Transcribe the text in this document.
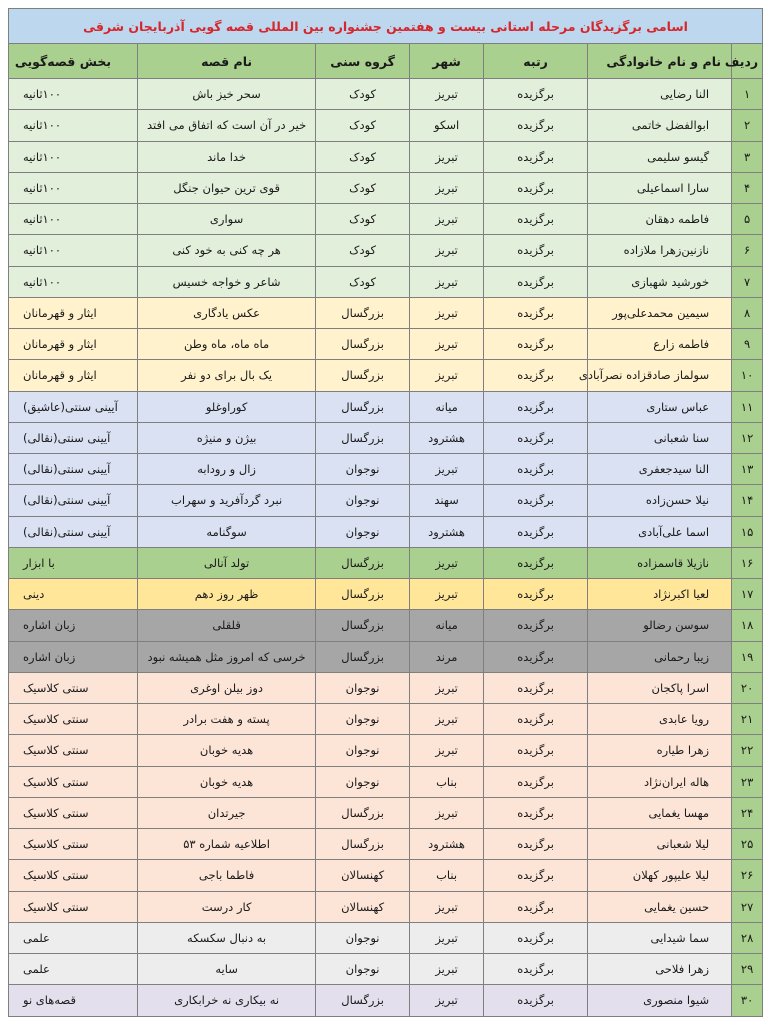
اسامی برگزیدگان مرحله استانی بیست و هفتمین جشنواره بین المللی قصه گویی آذربایجان شرقی						
ردیف	نام و نام خانوادگی	رتبه	شهر	گروه سنی	نام قصه	بخش قصه‌گویی
۱	النا رضایی	برگزیده	تبریز	کودک	سحر خیز باش	۱۰۰ثانیه
۲	ابوالفضل خاتمی	برگزیده	اسکو	کودک	خیر در آن است که اتفاق می افتد	۱۰۰ثانیه
۳	گیسو سلیمی	برگزیده	تبریز	کودک	خدا ماند	۱۰۰ثانیه
۴	سارا اسماعیلی	برگزیده	تبریز	کودک	قوی ترین حیوان جنگل	۱۰۰ثانیه
۵	فاطمه دهقان	برگزیده	تبریز	کودک	سواری	۱۰۰ثانیه
۶	نازنین‌زهرا ملازاده	برگزیده	تبریز	کودک	هر چه کنی به خود کنی	۱۰۰ثانیه
۷	خورشید شهبازی	برگزیده	تبریز	کودک	شاعر و خواجه خسیس	۱۰۰ثانیه
۸	سیمین محمدعلی‌پور	برگزیده	تبریز	بزرگسال	عکس یادگاری	ایثار و قهرمانان
۹	فاطمه زارع	برگزیده	تبریز	بزرگسال	ماه ماه، ماه وطن	ایثار و قهرمانان
۱۰	سولماز صادقزاده نصرآبادی	برگزیده	تبریز	بزرگسال	یک بال برای دو نفر	ایثار و قهرمانان
۱۱	عباس ستاری	برگزیده	میانه	بزرگسال	کوراوغلو	آیینی سنتی(عاشیق)
۱۲	سنا شعبانی	برگزیده	هشترود	بزرگسال	بیژن و منیژه	آیینی سنتی(نقالی)
۱۳	النا سیدجعفری	برگزیده	تبریز	نوجوان	زال و رودابه	آیینی سنتی(نقالی)
۱۴	نیلا حسن‌زاده	برگزیده	سهند	نوجوان	نبرد گردآفرید و سهراب	آیینی سنتی(نقالی)
۱۵	اسما علی‌آبادی	برگزیده	هشترود	نوجوان	سوگنامه	آیینی سنتی(نقالی)
۱۶	نازیلا قاسمزاده	برگزیده	تبریز	بزرگسال	تولد آنالی	با ابزار
۱۷	لعیا اکبرنژاد	برگزیده	تبریز	بزرگسال	ظهر روز دهم	دینی
۱۸	سوسن رضالو	برگزیده	میانه	بزرگسال	قلقلی	زبان اشاره
۱۹	زیبا رحمانی	برگزیده	مرند	بزرگسال	خرسی که امروز مثل همیشه نبود	زبان اشاره
۲۰	اسرا پاکجان	برگزیده	تبریز	نوجوان	دوز بیلن اوغری	سنتی کلاسیک
۲۱	رویا عابدی	برگزیده	تبریز	نوجوان	پسته و هفت برادر	سنتی کلاسیک
۲۲	زهرا طیاره	برگزیده	تبریز	نوجوان	هدیه خوبان	سنتی کلاسیک
۲۳	هاله ایران‌نژاد	برگزیده	بناب	نوجوان	هدیه خوبان	سنتی کلاسیک
۲۴	مهسا یغمایی	برگزیده	تبریز	بزرگسال	جیرتدان	سنتی کلاسیک
۲۵	لیلا شعبانی	برگزیده	هشترود	بزرگسال	اطلاعیه شماره ۵۳	سنتی کلاسیک
۲۶	لیلا علیپور کهلان	برگزیده	بناب	کهنسالان	فاطما باجی	سنتی کلاسیک
۲۷	حسین یغمایی	برگزیده	تبریز	کهنسالان	کار درست	سنتی کلاسیک
۲۸	سما شیدایی	برگزیده	تبریز	نوجوان	به دنبال سکسکه	علمی
۲۹	زهرا فلاحی	برگزیده	تبریز	نوجوان	سایه	علمی
۳۰	شیوا منصوری	برگزیده	تبریز	بزرگسال	نه بیکاری نه خرابکاری	قصه‌های نو
